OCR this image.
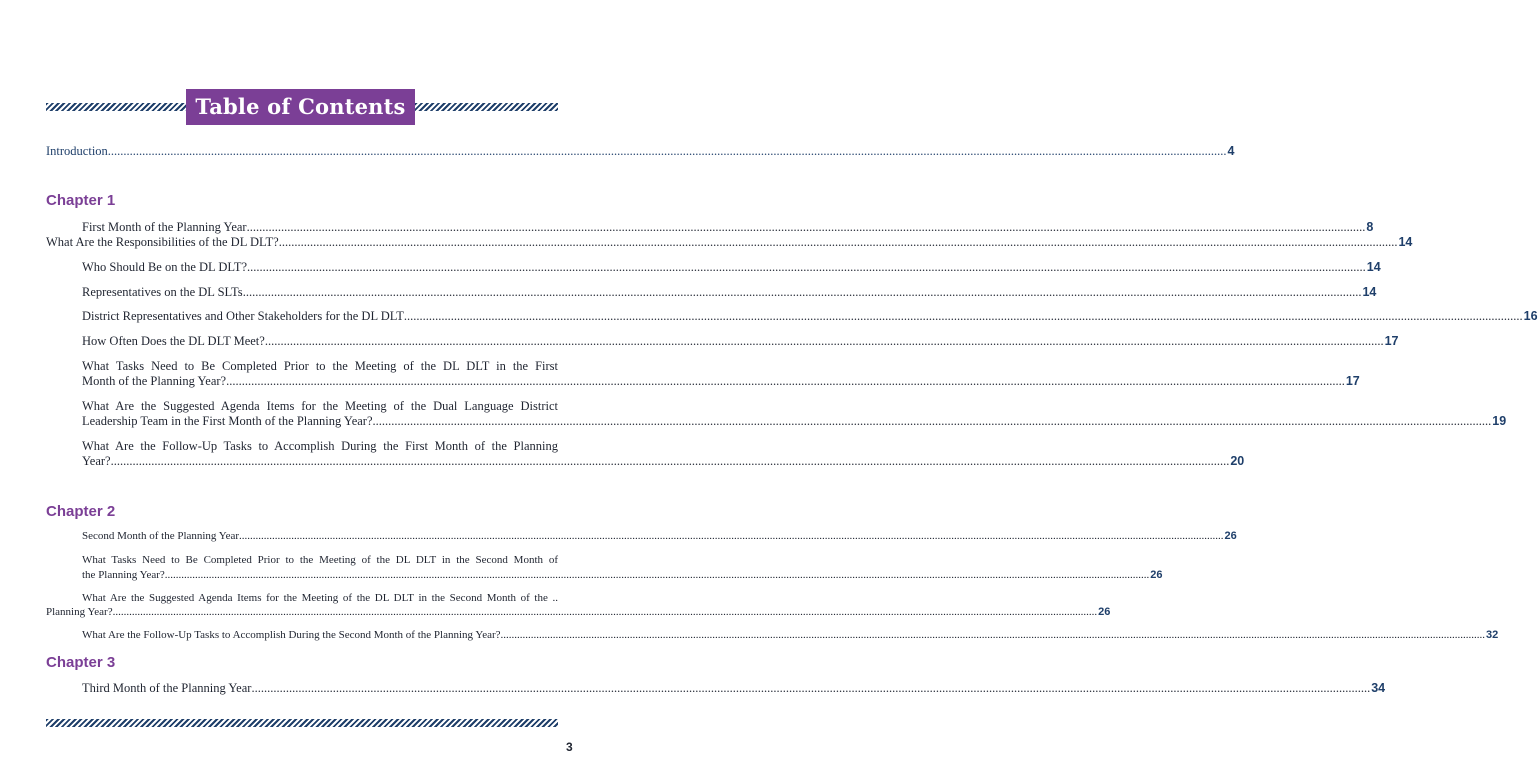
Table of Contents
Introduction .....	4
Chapter 1
First Month of the Planning Year .....	8
What Are the Responsibilities of the DL DLT? .....	14
Who Should Be on the DL DLT? .....	14
Representatives on the DL SLTs .....	14
District Representatives and Other Stakeholders for the DL DLT .....	16
How Often Does the DL DLT Meet? .....	17
What Tasks Need to Be Completed Prior to the Meeting of the DL DLT in the First
Month of the Planning Year? .....	17
What Are the Suggested Agenda Items for the Meeting of the Dual Language District
Leadership Team in the First Month of the Planning Year? .....	19
What Are the Follow-Up Tasks to Accomplish During the First Month of the Planning
Year? .....	20
Chapter 2
Second Month of the Planning Year .....	26
What Tasks Need to Be Completed Prior to the Meeting of the DL DLT in the Second Month of
the Planning Year? .....	26
What Are the Suggested Agenda Items for the Meeting of the DL DLT in the Second Month of the ..
Planning Year? .....	26
What Are the Follow-Up Tasks to Accomplish During the Second Month of the Planning Year? .....	32
Chapter 3
Third Month of the Planning Year .....	34
3
